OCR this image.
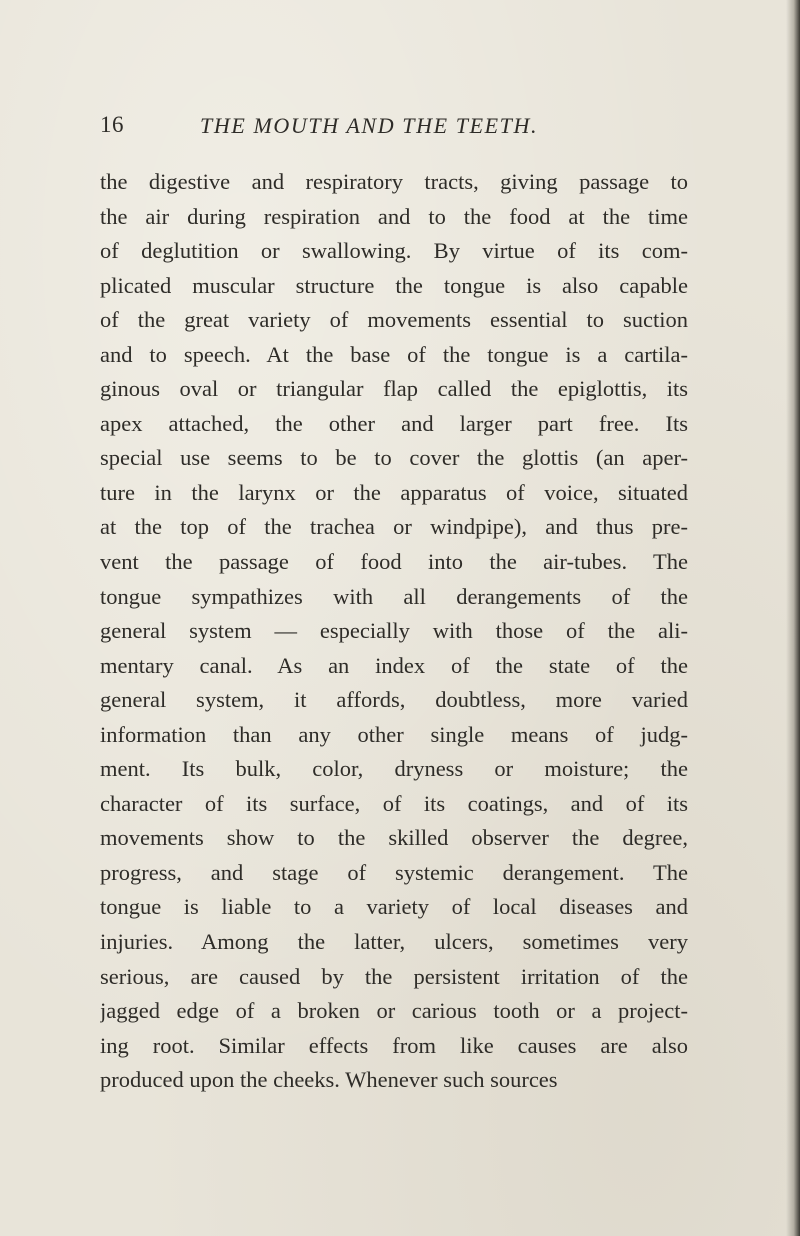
16	THE MOUTH AND THE TEETH.
the digestive and respiratory tracts, giving passage to
the air during respiration and to the food at the time
of deglutition or swallowing. By virtue of its com-
plicated muscular structure the tongue is also capable
of the great variety of movements essential to suction
and to speech. At the base of the tongue is a cartila-
ginous oval or triangular flap called the epiglottis, its
apex attached, the other and larger part free. Its
special use seems to be to cover the glottis (an aper-
ture in the larynx or the apparatus of voice, situated
at the top of the trachea or windpipe), and thus pre-
vent the passage of food into the air-tubes. The
tongue sympathizes with all derangements of the
general system — especially with those of the ali-
mentary canal. As an index of the state of the
general system, it affords, doubtless, more varied
information than any other single means of judg-
ment. Its bulk, color, dryness or moisture; the
character of its surface, of its coatings, and of its
movements show to the skilled observer the degree,
progress, and stage of systemic derangement. The
tongue is liable to a variety of local diseases and
injuries. Among the latter, ulcers, sometimes very
serious, are caused by the persistent irritation of the
jagged edge of a broken or carious tooth or a project-
ing root. Similar effects from like causes are also
produced upon the cheeks. Whenever such sources
